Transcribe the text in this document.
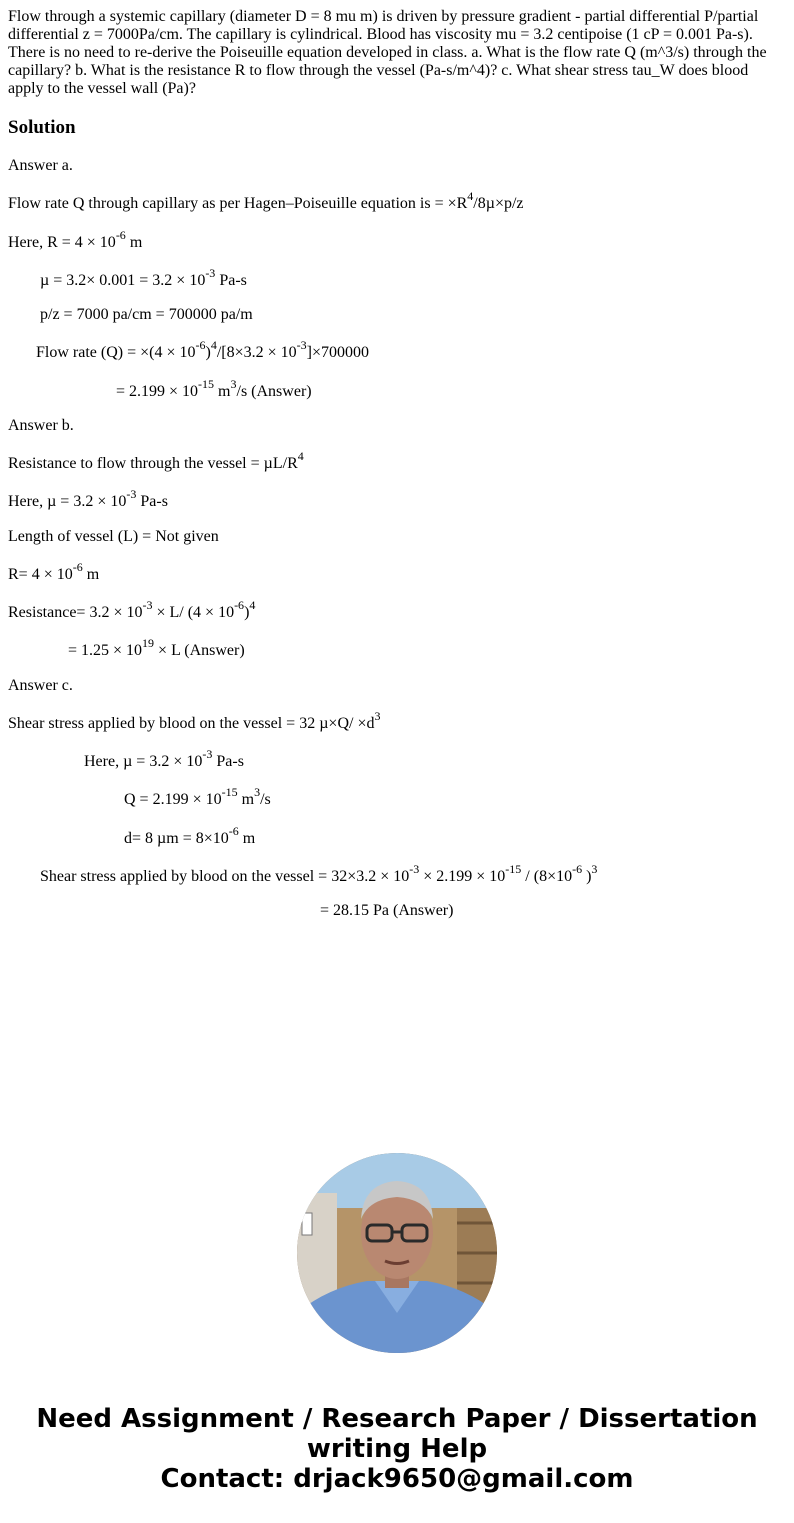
Flow through a systemic capillary (diameter D = 8 mu m) is driven by pressure gradient - partial differential P/partial differential z = 7000Pa/cm. The capillary is cylindrical. Blood has viscosity mu = 3.2 centipoise (1 cP = 0.001 Pa-s). There is no need to re-derive the Poiseuille equation developed in class. a. What is the flow rate Q (m^3/s) through the capillary? b. What is the resistance R to flow through the vessel (Pa-s/m^4)? c. What shear stress tau_W does blood apply to the vessel wall (Pa)?

Solution

Answer a.

Flow rate Q through capillary as per Hagen–Poiseuille equation is = $\times R^4/8\mu\times p/z$

Here, $R = 4 \times 10^{-6}$ m

$\mu = 3.2\times 0.001 = 3.2 \times 10^{-3}$ Pa-s

p/z = 7000 pa/cm = 700000 pa/m

Flow rate $(Q) = \times(4 \times 10^{-6})^4/[8\times 3.2 \times 10^{-3}]\times 700000$

= $2.199 \times 10^{-15}$ $m^3/s$ (Answer)

Answer b.

Resistance to flow through the vessel = $\mu L/R^4$

Here, $\mu = 3.2 \times 10^{-3}$ Pa-s

Length of vessel (L) = Not given

$R= 4 \times 10^{-6}$ m

Resistance= $3.2 \times 10^{-3} \times L/$ $(4 \times 10^{-6})^4$

= $1.25 \times 10^{19} \times L$ (Answer)

Answer c.

Shear stress applied by blood on the vessel = 32 $\mu\times Q/ \times d^3$

Here, $\mu = 3.2 \times 10^{-3}$ Pa-s

$Q = 2.199 \times 10^{-15}$ $m^3/s$

d= 8 $\mu m = 8\times 10^{-6}$ m

Shear stress applied by blood on the vessel = $32\times 3.2 \times 10^{-3} \times 2.199 \times 10^{-15} / (8\times 10^{-6}$ )$^3$

= 28.15 Pa (Answer)

Need Assignment / Research Paper / Dissertation
writing Help
Contact: drjack9650@gmail.com
